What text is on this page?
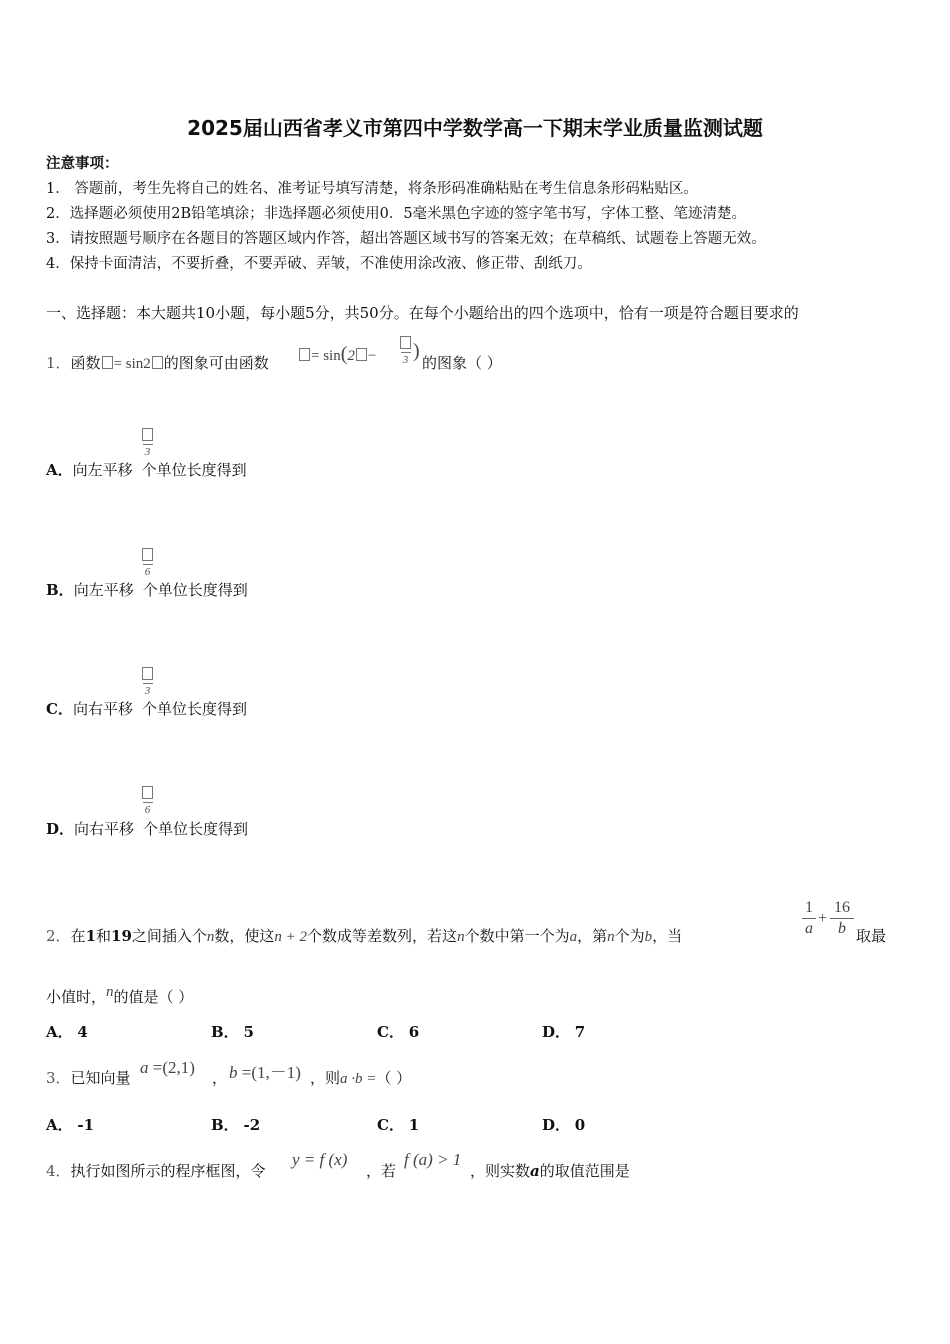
2025届山西省孝义市第四中学数学高一下期末学业质量监测试题
注意事项：
1． 答题前，考生先将自己的姓名、准考证号填写清楚，将条形码准确粘贴在考生信息条形码粘贴区。
2．选择题必须使用2B铅笔填涂；非选择题必须使用0．5毫米黑色字迹的签字笔书写，字体工整、笔迹清楚。
3．请按照题号顺序在各题目的答题区域内作答，超出答题区域书写的答案无效；在草稿纸、试题卷上答题无效。
4．保持卡面清洁，不要折叠，不要弄破、弄皱，不准使用涂改液、修正带、刮纸刀。
一、选择题：本大题共10小题，每小题5分，共50分。在每个小题给出的四个选项中，恰有一项是符合题目要求的
1．函数 = sin2 的图象可由函数	= sin(2 −	3 )
的图象（ ）
3
A．向左平移 个单位长度得到
6
B．向左平移 个单位长度得到
3
C．向右平移 个单位长度得到
6
D．向右平移 个单位长度得到
2．在1和19之间插入个n数，使这n + 2个数成等差数列，若这n个数中第一个为a，第n个为b，当
1
a
+
16
b 取最
小值时，n的值是（ ）
A． 4	B． 5	C． 6	D． 7
3．已知向量
a =(2,1)
， b =(1,－1) ，则a ·b =（ ）
A． -1	B． -2	C． 1	D． 0
4．执行如图所示的程序框图，令
y = f (x)
，若
f (a) > 1
，则实数a的取值范围是
